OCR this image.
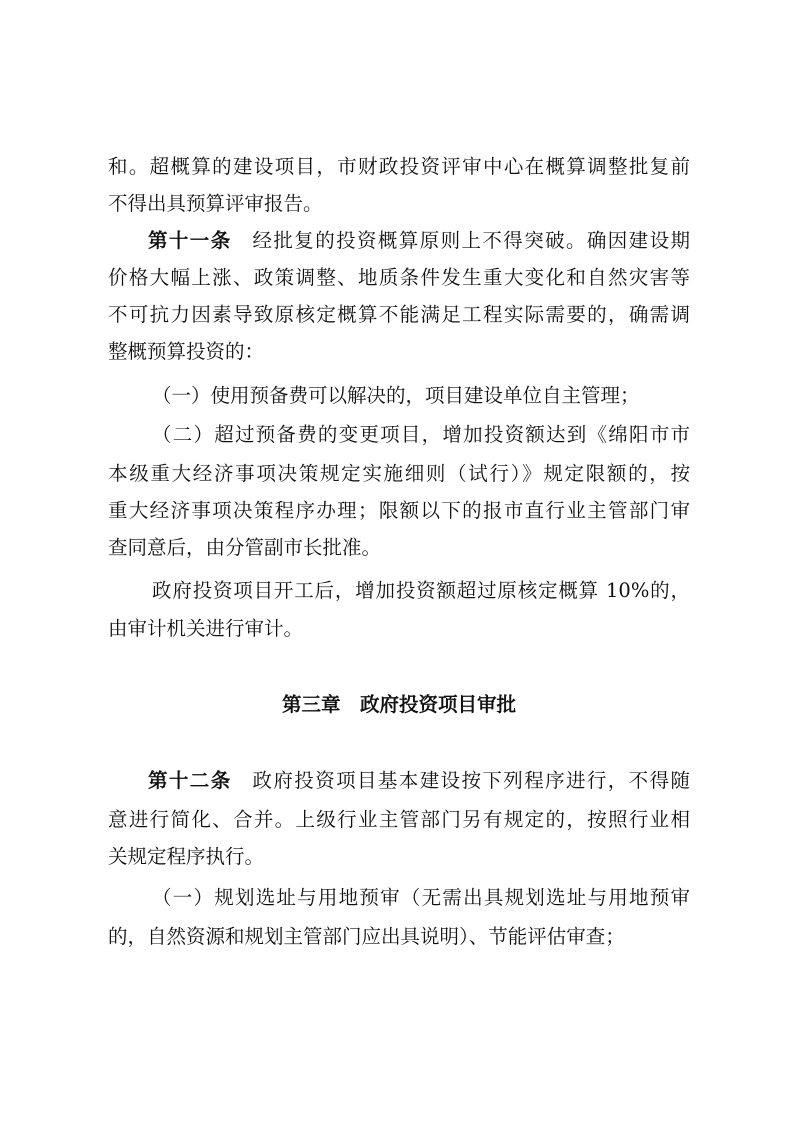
和。超概算的建设项目，市财政投资评审中心在概算调整批复前
不得出具预算评审报告。
第十一条　经批复的投资概算原则上不得突破。确因建设期
价格大幅上涨、政策调整、地质条件发生重大变化和自然灾害等
不可抗力因素导致原核定概算不能满足工程实际需要的，确需调
整概预算投资的：
（一）使用预备费可以解决的，项目建设单位自主管理；
（二）超过预备费的变更项目，增加投资额达到《绵阳市市
本级重大经济事项决策规定实施细则（试行）》规定限额的，按
重大经济事项决策程序办理；限额以下的报市直行业主管部门审
查同意后，由分管副市长批准。
政府投资项目开工后，增加投资额超过原核定概算 10%的，
由审计机关进行审计。
第三章　政府投资项目审批
第十二条　政府投资项目基本建设按下列程序进行，不得随
意进行简化、合并。上级行业主管部门另有规定的，按照行业相
关规定程序执行。
（一）规划选址与用地预审（无需出具规划选址与用地预审
的，自然资源和规划主管部门应出具说明）、节能评估审查；
